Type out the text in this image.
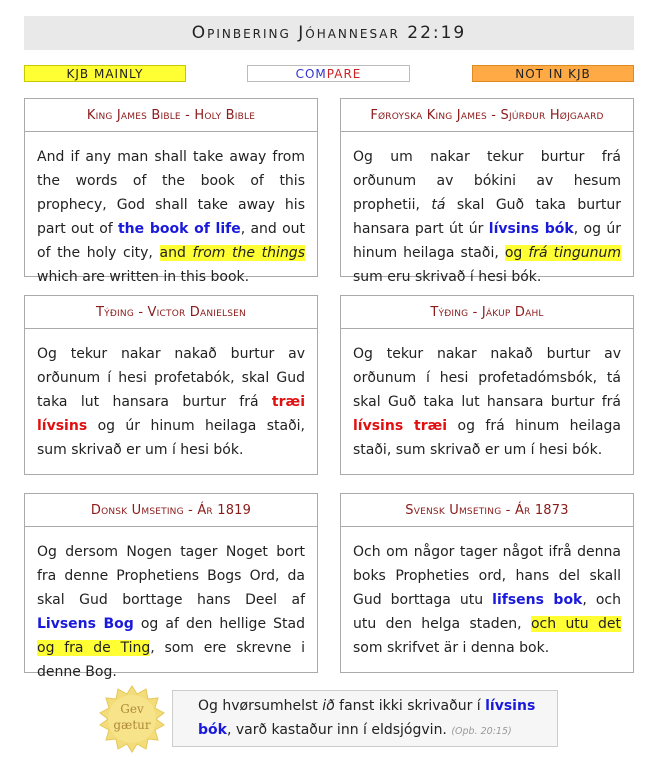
Opinbering Jóhannesar 22:19
KJB MAINLY	COM PARE	NOT IN KJB
King James Bible - Holy Bible
And if any man shall take away from the words of the book of this prophecy, God shall take away his part out of the book of life, and out of the holy city, and from the things which are written in this book.
Føroyska King James - Sjúrður Højgaard
Og um nakar tekur burtur frá orðunum av bókini av hesum prophetii, tá skal Guð taka burtur hansara part út úr lívsins bók, og úr hinum heilaga staði, og frá tingunum sum eru skrivað í hesi bók.
Týðing - Victor Danielsen
Og tekur nakar nakað burtur av orðunum í hesi profetabók, skal Gud taka lut hansara burtur frá træi lívsins og úr hinum heilaga staði, sum skrivað er um í hesi bók.
Týðing - Jákup Dahl
Og tekur nakar nakað burtur av orðunum í hesi profetadómsbók, tá skal Guð taka lut hansara burtur frá lívsins træi og frá hinum heilaga staði, sum skrivað er um í hesi bók.
Donsk Umseting - Ár 1819
Og dersom Nogen tager Noget bort fra denne Prophetiens Bogs Ord, da skal Gud borttage hans Deel af Livsens Bog og af den hellige Stad og fra de Ting, som ere skrevne i denne Bog.
Svensk Umseting - Ár 1873
Och om någor tager något ifrå denna boks Propheties ord, hans del skall Gud borttaga utu lifsens bok, och utu den helga staden, och utu det som skrifvet är i denna bok.
Gev
gætur
Og hvørsumhelst ið fanst ikki skrivaður í lívsins bók, varð kastaður inn í eldsjógvin. (Opb. 20:15)
